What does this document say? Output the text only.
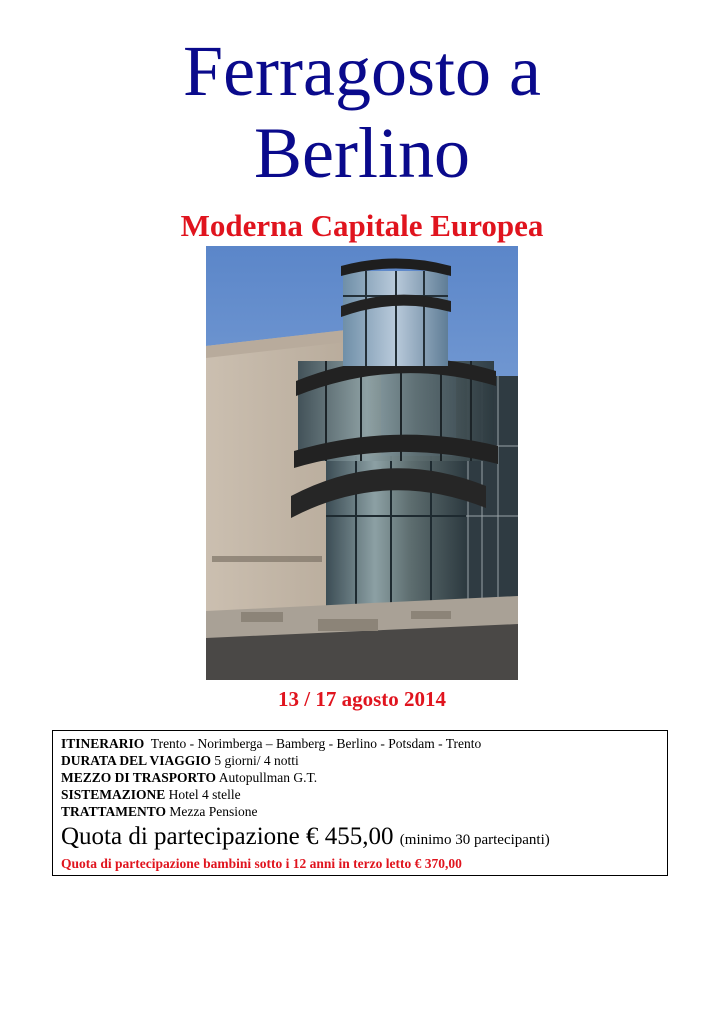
Ferragosto a
Berlino
Moderna Capitale Europea
13 / 17 agosto 2014
ITINERARIO Trento - Norimberga – Bamberg - Berlino - Potsdam - Trento
DURATA DEL VIAGGIO 5 giorni/ 4 notti
MEZZO DI TRASPORTO Autopullman G.T.
SISTEMAZIONE Hotel 4 stelle
TRATTAMENTO Mezza Pensione
Quota di partecipazione € 455,00 (minimo 30 partecipanti)
Quota di partecipazione bambini sotto i 12 anni in terzo letto € 370,00
